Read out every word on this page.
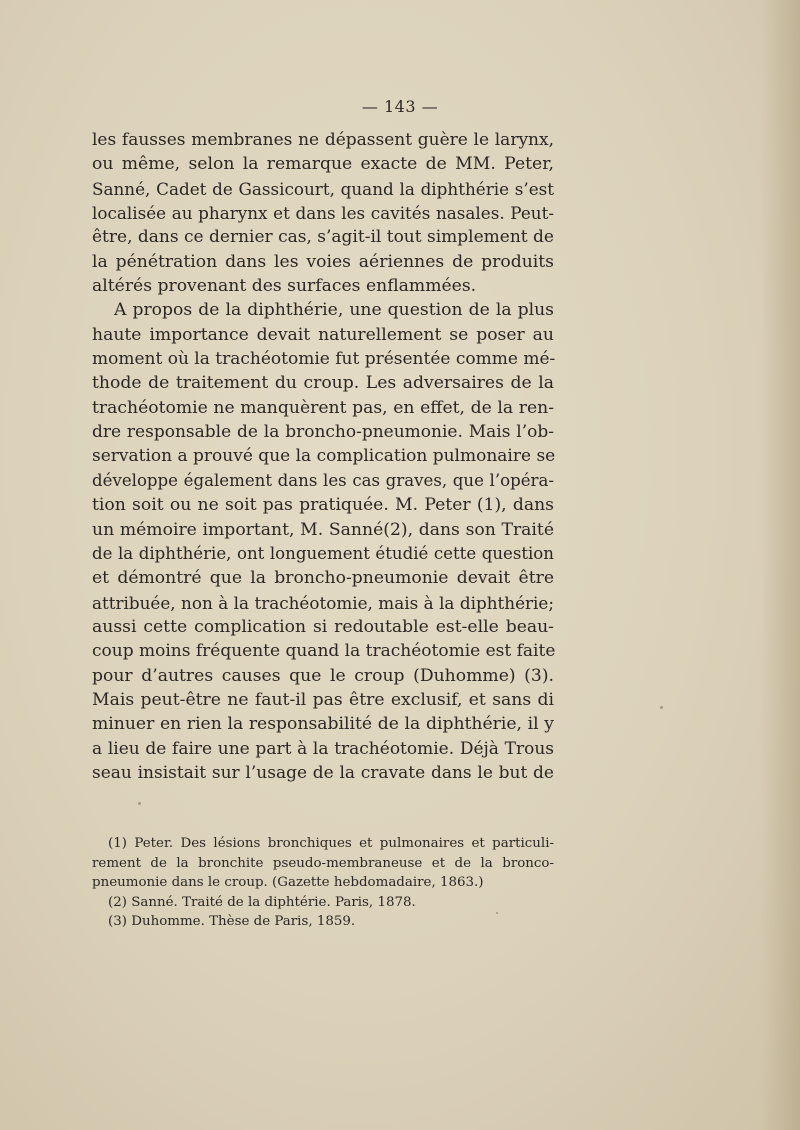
— 143 —
les fausses membranes ne dépassent guère le larynx,
ou même, selon la remarque exacte de MM. Peter,
Sanné, Cadet de Gassicourt, quand la diphthérie s’est
localisée au pharynx et dans les cavités nasales. Peut-
être, dans ce dernier cas, s’agit-il tout simplement de
la pénétration dans les voies aériennes de produits
altérés provenant des surfaces enflammées.
A propos de la diphthérie, une question de la plus
haute importance devait naturellement se poser au
moment où la trachéotomie fut présentée comme mé-
thode de traitement du croup. Les adversaires de la
trachéotomie ne manquèrent pas, en effet, de la ren-
dre responsable de la broncho-pneumonie. Mais l’ob-
servation a prouvé que la complication pulmonaire se
développe également dans les cas graves, que l’opéra-
tion soit ou ne soit pas pratiquée. M. Peter (1), dans
un mémoire important, M. Sanné(2), dans son Traité
de la diphthérie, ont longuement étudié cette question
et démontré que la broncho-pneumonie devait être
attribuée, non à la trachéotomie, mais à la diphthérie;
aussi cette complication si redoutable est-elle beau-
coup moins fréquente quand la trachéotomie est faite
pour d’autres causes que le croup (Duhomme) (3).
Mais peut-être ne faut-il pas être exclusif, et sans di
minuer en rien la responsabilité de la diphthérie, il y
a lieu de faire une part à la trachéotomie. Déjà Trous
seau insistait sur l’usage de la cravate dans le but de
(1) Peter. Des lésions bronchiques et pulmonaires et particuli-
rement de la bronchite pseudo-membraneuse et de la bronco-
pneumonie dans le croup. (Gazette hebdomadaire, 1863.)
(2) Sanné. Traité de la diphtérie. Paris, 1878.
(3) Duhomme. Thèse de Paris, 1859.
